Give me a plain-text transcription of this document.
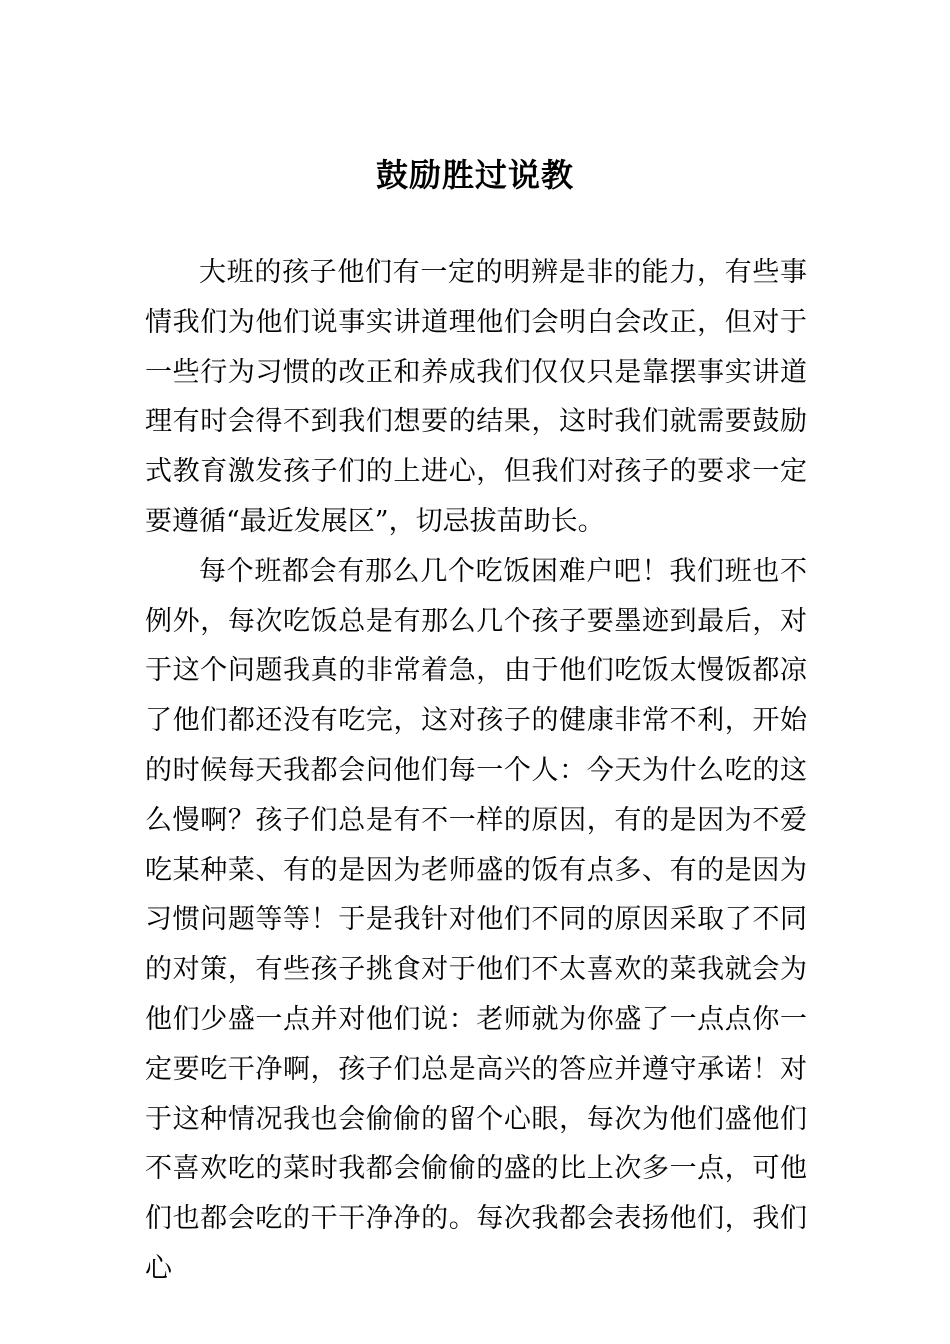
鼓励胜过说教

大班的孩子他们有一定的明辨是非的能力，有些事情我们为他们说事实讲道理他们会明白会改正，但对于一些行为习惯的改正和养成我们仅仅只是靠摆事实讲道理有时会得不到我们想要的结果，这时我们就需要鼓励式教育激发孩子们的上进心，但我们对孩子的要求一定要遵循“最近发展区”，切忌拔苗助长。

每个班都会有那么几个吃饭困难户吧！我们班也不例外，每次吃饭总是有那么几个孩子要墨迹到最后，对于这个问题我真的非常着急，由于他们吃饭太慢饭都凉了他们都还没有吃完，这对孩子的健康非常不利，开始的时候每天我都会问他们每一个人：今天为什么吃的这么慢啊？孩子们总是有不一样的原因，有的是因为不爱吃某种菜、有的是因为老师盛的饭有点多、有的是因为习惯问题等等！于是我针对他们不同的原因采取了不同的对策，有些孩子挑食对于他们不太喜欢的菜我就会为他们少盛一点并对他们说：老师就为你盛了一点点你一定要吃干净啊，孩子们总是高兴的答应并遵守承诺！对于这种情况我也会偷偷的留个心眼，每次为他们盛他们不喜欢吃的菜时我都会偷偷的盛的比上次多一点，可他们也都会吃的干干净净的。每次我都会表扬他们，我们心
